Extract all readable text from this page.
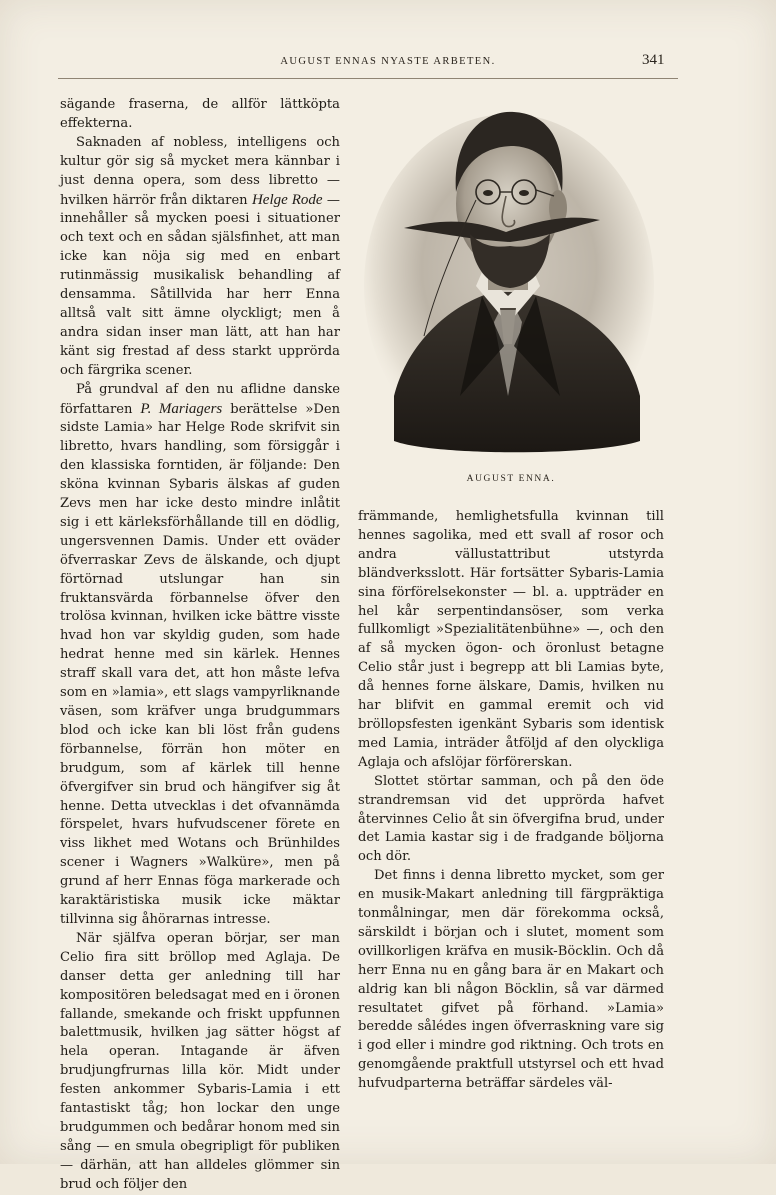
AUGUST ENNAS NYASTE ARBETEN.	341

sägande fraserna, de allför lättköpta effekterna.

Saknaden af nobless, intelligens och kultur gör sig så mycket mera kännbar i just denna opera, som dess libretto — hvilken härrör från diktaren Helge Rode — innehåller så mycken poesi i situationer och text och en sådan själsfinhet, att man icke kan nöja sig med en enbart rutinmässig musikalisk behandling af densamma. Såtillvida har herr Enna alltså valt sitt ämne olyckligt; men å andra sidan inser man lätt, att han har känt sig frestad af dess starkt upprörda och färgrika scener.

På grundval af den nu aflidne danske författaren P. Mariagers berättelse »Den sidste Lamia» har Helge Rode skrifvit sin libretto, hvars handling, som försiggår i den klassiska forntiden, är följande: Den sköna kvinnan Sybaris älskas af guden Zevs men har icke desto mindre inlåtit sig i ett kärleksförhållande till en dödlig, ungersvennen Damis. Under ett oväder öfverraskar Zevs de älskande, och djupt förtörnad utslungar han sin fruktansvärda förbannelse öfver den trolösa kvinnan, hvilken icke bättre visste hvad hon var skyldig guden, som hade hedrat henne med sin kärlek. Hennes straff skall vara det, att hon måste lefva som en »lamia», ett slags vampyrliknande väsen, som kräfver unga brudgummars blod och icke kan bli löst från gudens förbannelse, förrän hon möter en brudgum, som af kärlek till henne öfvergifver sin brud och hängifver sig åt henne. Detta utvecklas i det ofvannämda förspelet, hvars hufvudscener förete en viss likhet med Wotans och Brünhildes scener i Wagners »Walküre», men på grund af herr Ennas föga markerade och karaktäristiska musik icke mäktar tillvinna sig åhörarnas intresse.

När själfva operan börjar, ser man Celio fira sitt bröllop med Aglaja. De danser detta ger anledning till har kompositören beledsagat med en i öronen fallande, smekande och friskt uppfunnen balettmusik, hvilken jag sätter högst af hela operan. Intagande är äfven brudjungfrurnas lilla kör. Midt under festen ankommer Sybaris-Lamia i ett fantastiskt tåg; hon lockar den unge brudgummen och bedårar honom med sin sång — en smula obegripligt för publiken — därhän, att han alldeles glömmer sin brud och följer den

AUGUST ENNA.

främmande, hemlighetsfulla kvinnan till hennes sagolika, med ett svall af rosor och andra vällustattribut utstyrda bländverksslott. Här fortsätter Sybaris-Lamia sina förförelsekonster — bl. a. uppträder en hel kår serpentindansöser, som verka fullkomligt »Spezialitätenbühne» —, och den af så mycken ögon- och öronlust betagne Celio står just i begrepp att bli Lamias byte, då hennes forne älskare, Damis, hvilken nu har blifvit en gammal eremit och vid bröllopsfesten igenkänt Sybaris som identisk med Lamia, inträder åtföljd af den olyckliga Aglaja och afslöjar förförerskan.

Slottet störtar samman, och på den öde strandremsan vid det upprörda hafvet återvinnes Celio åt sin öfvergifna brud, under det Lamia kastar sig i de fradgande böljorna och dör.

Det finns i denna libretto mycket, som ger en musik-Makart anledning till färgpräktiga tonmålningar, men där förekomma också, särskildt i början och i slutet, moment som ovillkorligen kräfva en musik-Böcklin. Och då herr Enna nu en gång bara är en Makart och aldrig kan bli någon Böcklin, så var därmed resultatet gifvet på förhand. »Lamia» beredde sålédes ingen öfverraskning vare sig i god eller i mindre god riktning. Och trots en genomgående praktfull utstyrsel och ett hvad hufvudparterna beträffar särdeles väl-
